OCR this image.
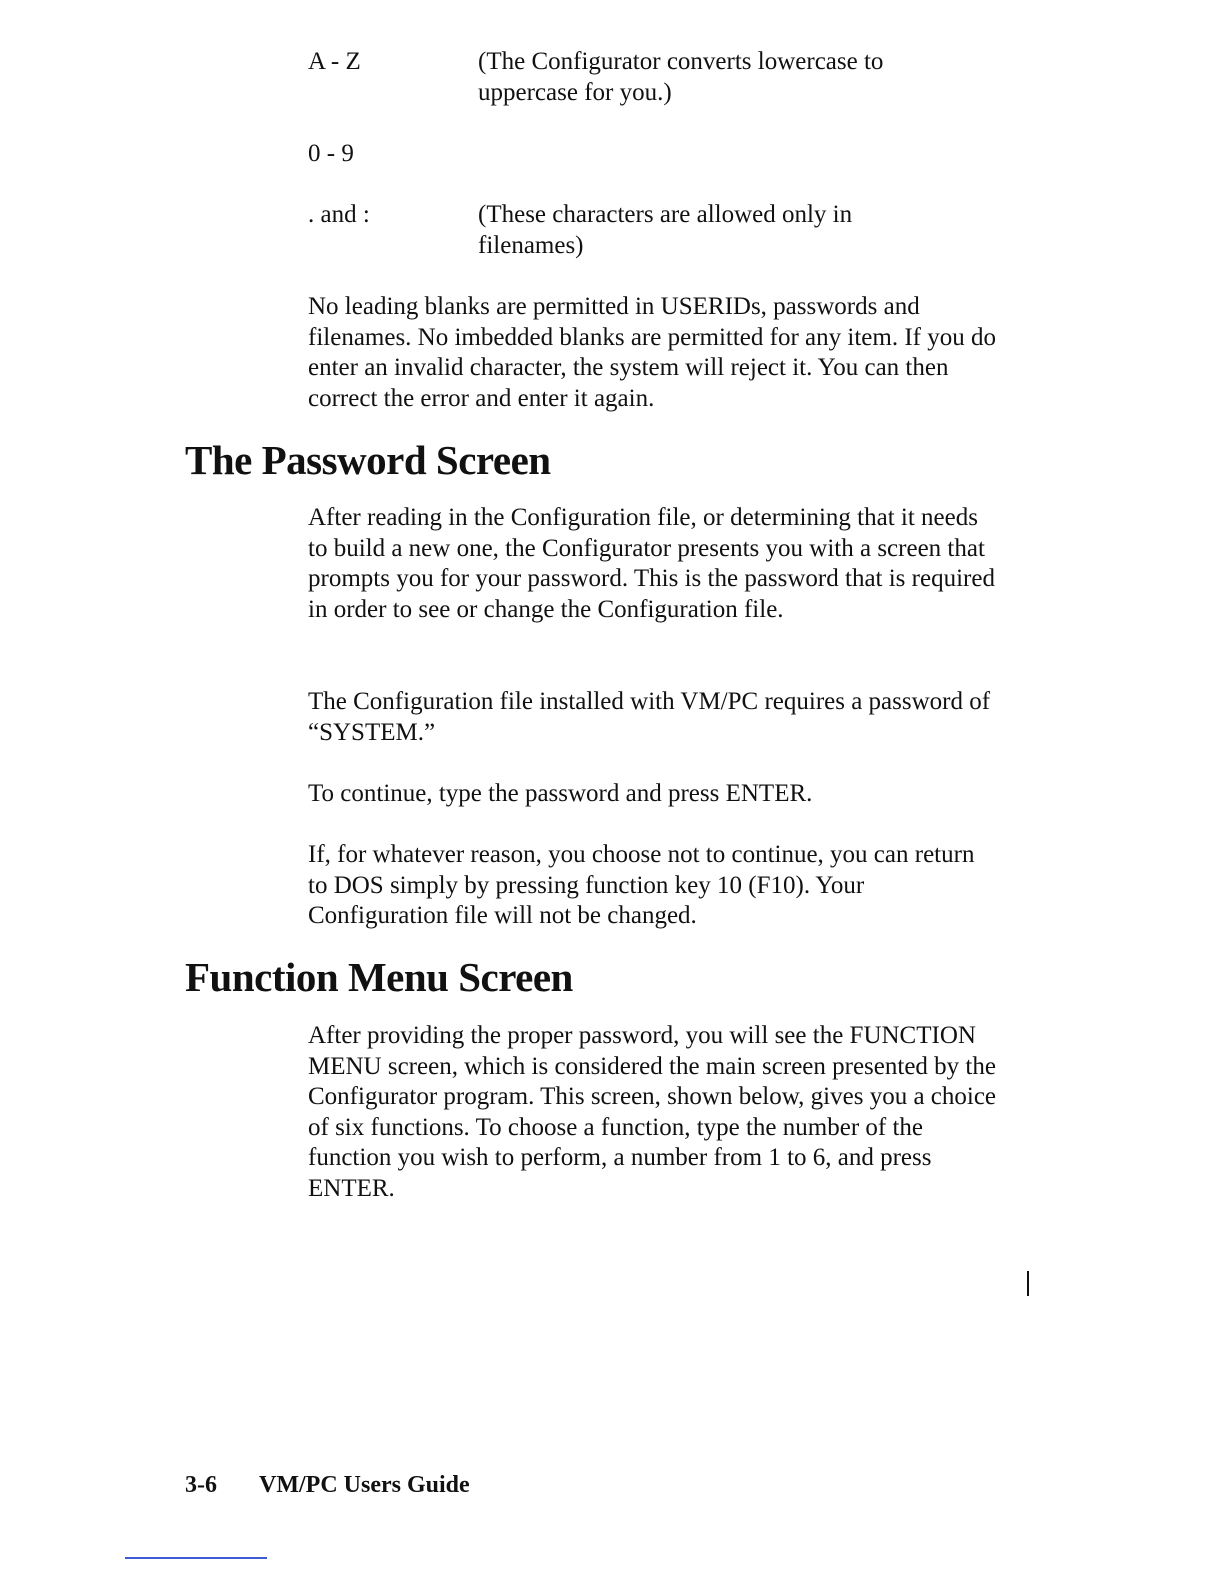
A - Z	(The Configurator converts lowercase to uppercase for you.)
0 - 9
. and :	(These characters are allowed only in filenames)

No leading blanks are permitted in USERIDs, passwords and filenames. No imbedded blanks are permitted for any item. If you do enter an invalid character, the system will reject it. You can then correct the error and enter it again.

The Password Screen

After reading in the Configuration file, or determining that it needs to build a new one, the Configurator presents you with a screen that prompts you for your password. This is the password that is required in order to see or change the Configuration file.

The Configuration file installed with VM/PC requires a password of “SYSTEM.”

To continue, type the password and press ENTER.

If, for whatever reason, you choose not to continue, you can return to DOS simply by pressing function key 10 (F10). Your Configuration file will not be changed.

Function Menu Screen

After providing the proper password, you will see the FUNCTION MENU screen, which is considered the main screen presented by the Configurator program. This screen, shown below, gives you a choice of six functions. To choose a function, type the number of the function you wish to perform, a number from 1 to 6, and press ENTER.

3-6 VM/PC Users Guide
